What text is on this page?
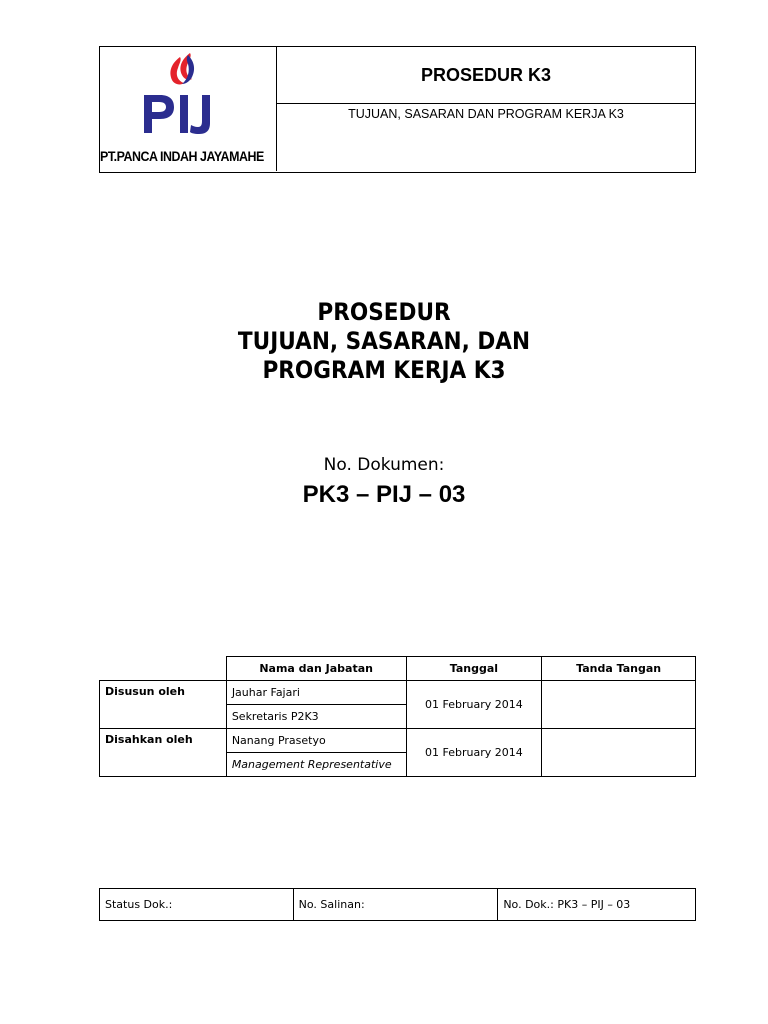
PT.PANCA INDAH JAYAMAHE
PROSEDUR K3
TUJUAN, SASARAN DAN PROGRAM KERJA K3
PROSEDUR
TUJUAN, SASARAN, DAN
PROGRAM KERJA K3
No. Dokumen:
PK3 – PIJ – 03
	Nama dan Jabatan	Tanggal	Tanda Tangan
Disusun oleh	Jauhar Fajari	01 February 2014	
	Sekretaris P2K3		
Disahkan oleh	Nanang Prasetyo	01 February 2014	
	Management Representative		
Status Dok.:	No. Salinan:	No. Dok.: PK3 – PIJ – 03
